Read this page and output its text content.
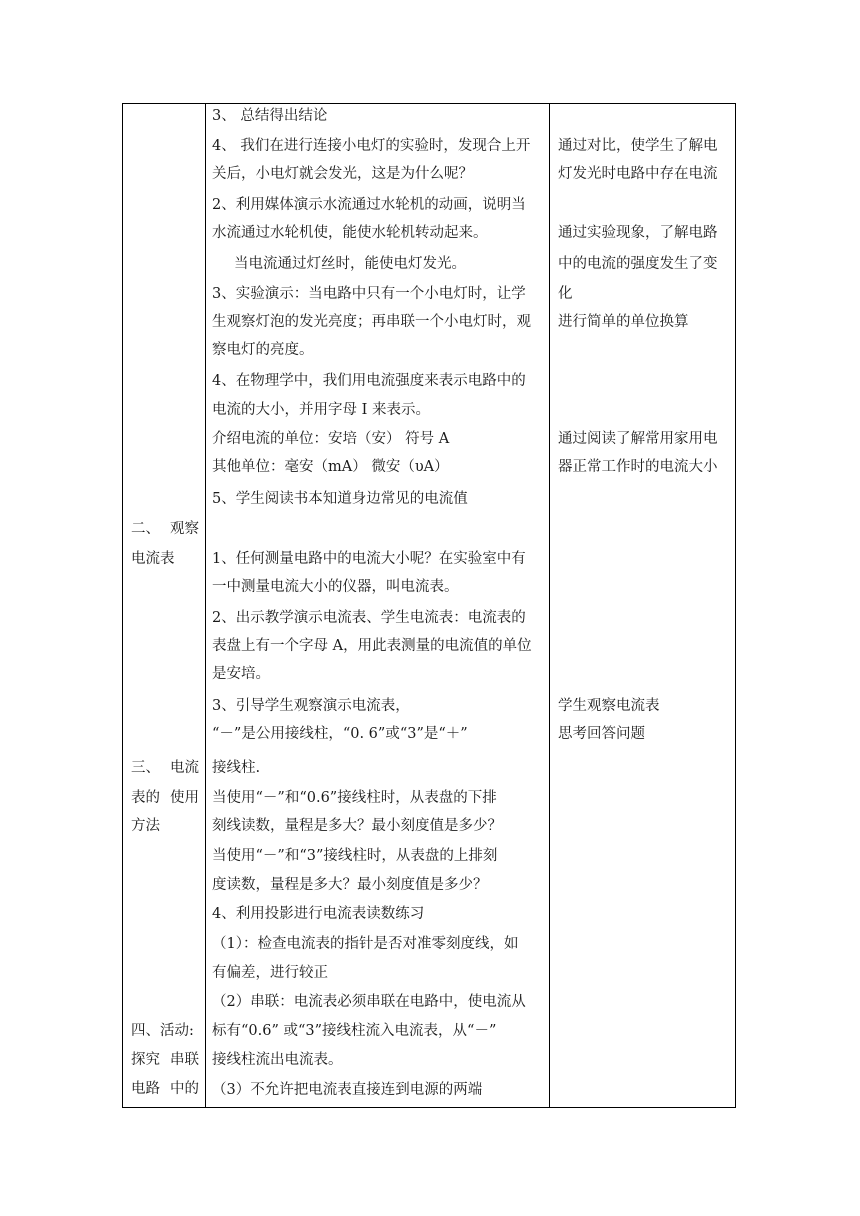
二、 观察
电流表
三、 电流
表的 使用
方法
四、活动:
探究 串联
电路 中的
3、 总结得出结论
4、 我们在进行连接小电灯的实验时，发现合上开
关后，小电灯就会发光，这是为什么呢？
2、利用媒体演示水流通过水轮机的动画，说明当
水流通过水轮机使，能使水轮机转动起来。
当电流通过灯丝时，能使电灯发光。
3、实验演示：当电路中只有一个小电灯时，让学
生观察灯泡的发光亮度；再串联一个小电灯时，观
察电灯的亮度。
4、在物理学中，我们用电流强度来表示电路中的
电流的大小，并用字母 I 来表示。
介绍电流的单位：安培（安） 符号 A
其他单位：毫安（mA） 微安（υA）
5、学生阅读书本知道身边常见的电流值
1、任何测量电路中的电流大小呢？在实验室中有
一中测量电流大小的仪器，叫电流表。
2、出示教学演示电流表、学生电流表：电流表的
表盘上有一个字母 A，用此表测量的电流值的单位
是安培。
3、引导学生观察演示电流表，
“－”是公用接线柱，“0. 6”或“3”是“＋”
接线柱.
当使用“－”和“0.6”接线柱时，从表盘的下排
刻线读数，量程是多大？最小刻度值是多少？
当使用“－”和“3”接线柱时，从表盘的上排刻
度读数，量程是多大？最小刻度值是多少？
4、利用投影进行电流表读数练习
（1）：检查电流表的指针是否对准零刻度线，如
有偏差，进行较正
（2）串联：电流表必须串联在电路中，使电流从
标有“0.6” 或“3”接线柱流入电流表，从“－”
接线柱流出电流表。
（3）不允许把电流表直接连到电源的两端
通过对比，使学生了解电
灯发光时电路中存在电流
通过实验现象，了解电路
中的电流的强度发生了变
化
进行简单的单位换算
通过阅读了解常用家用电
器正常工作时的电流大小
学生观察电流表
思考回答问题
